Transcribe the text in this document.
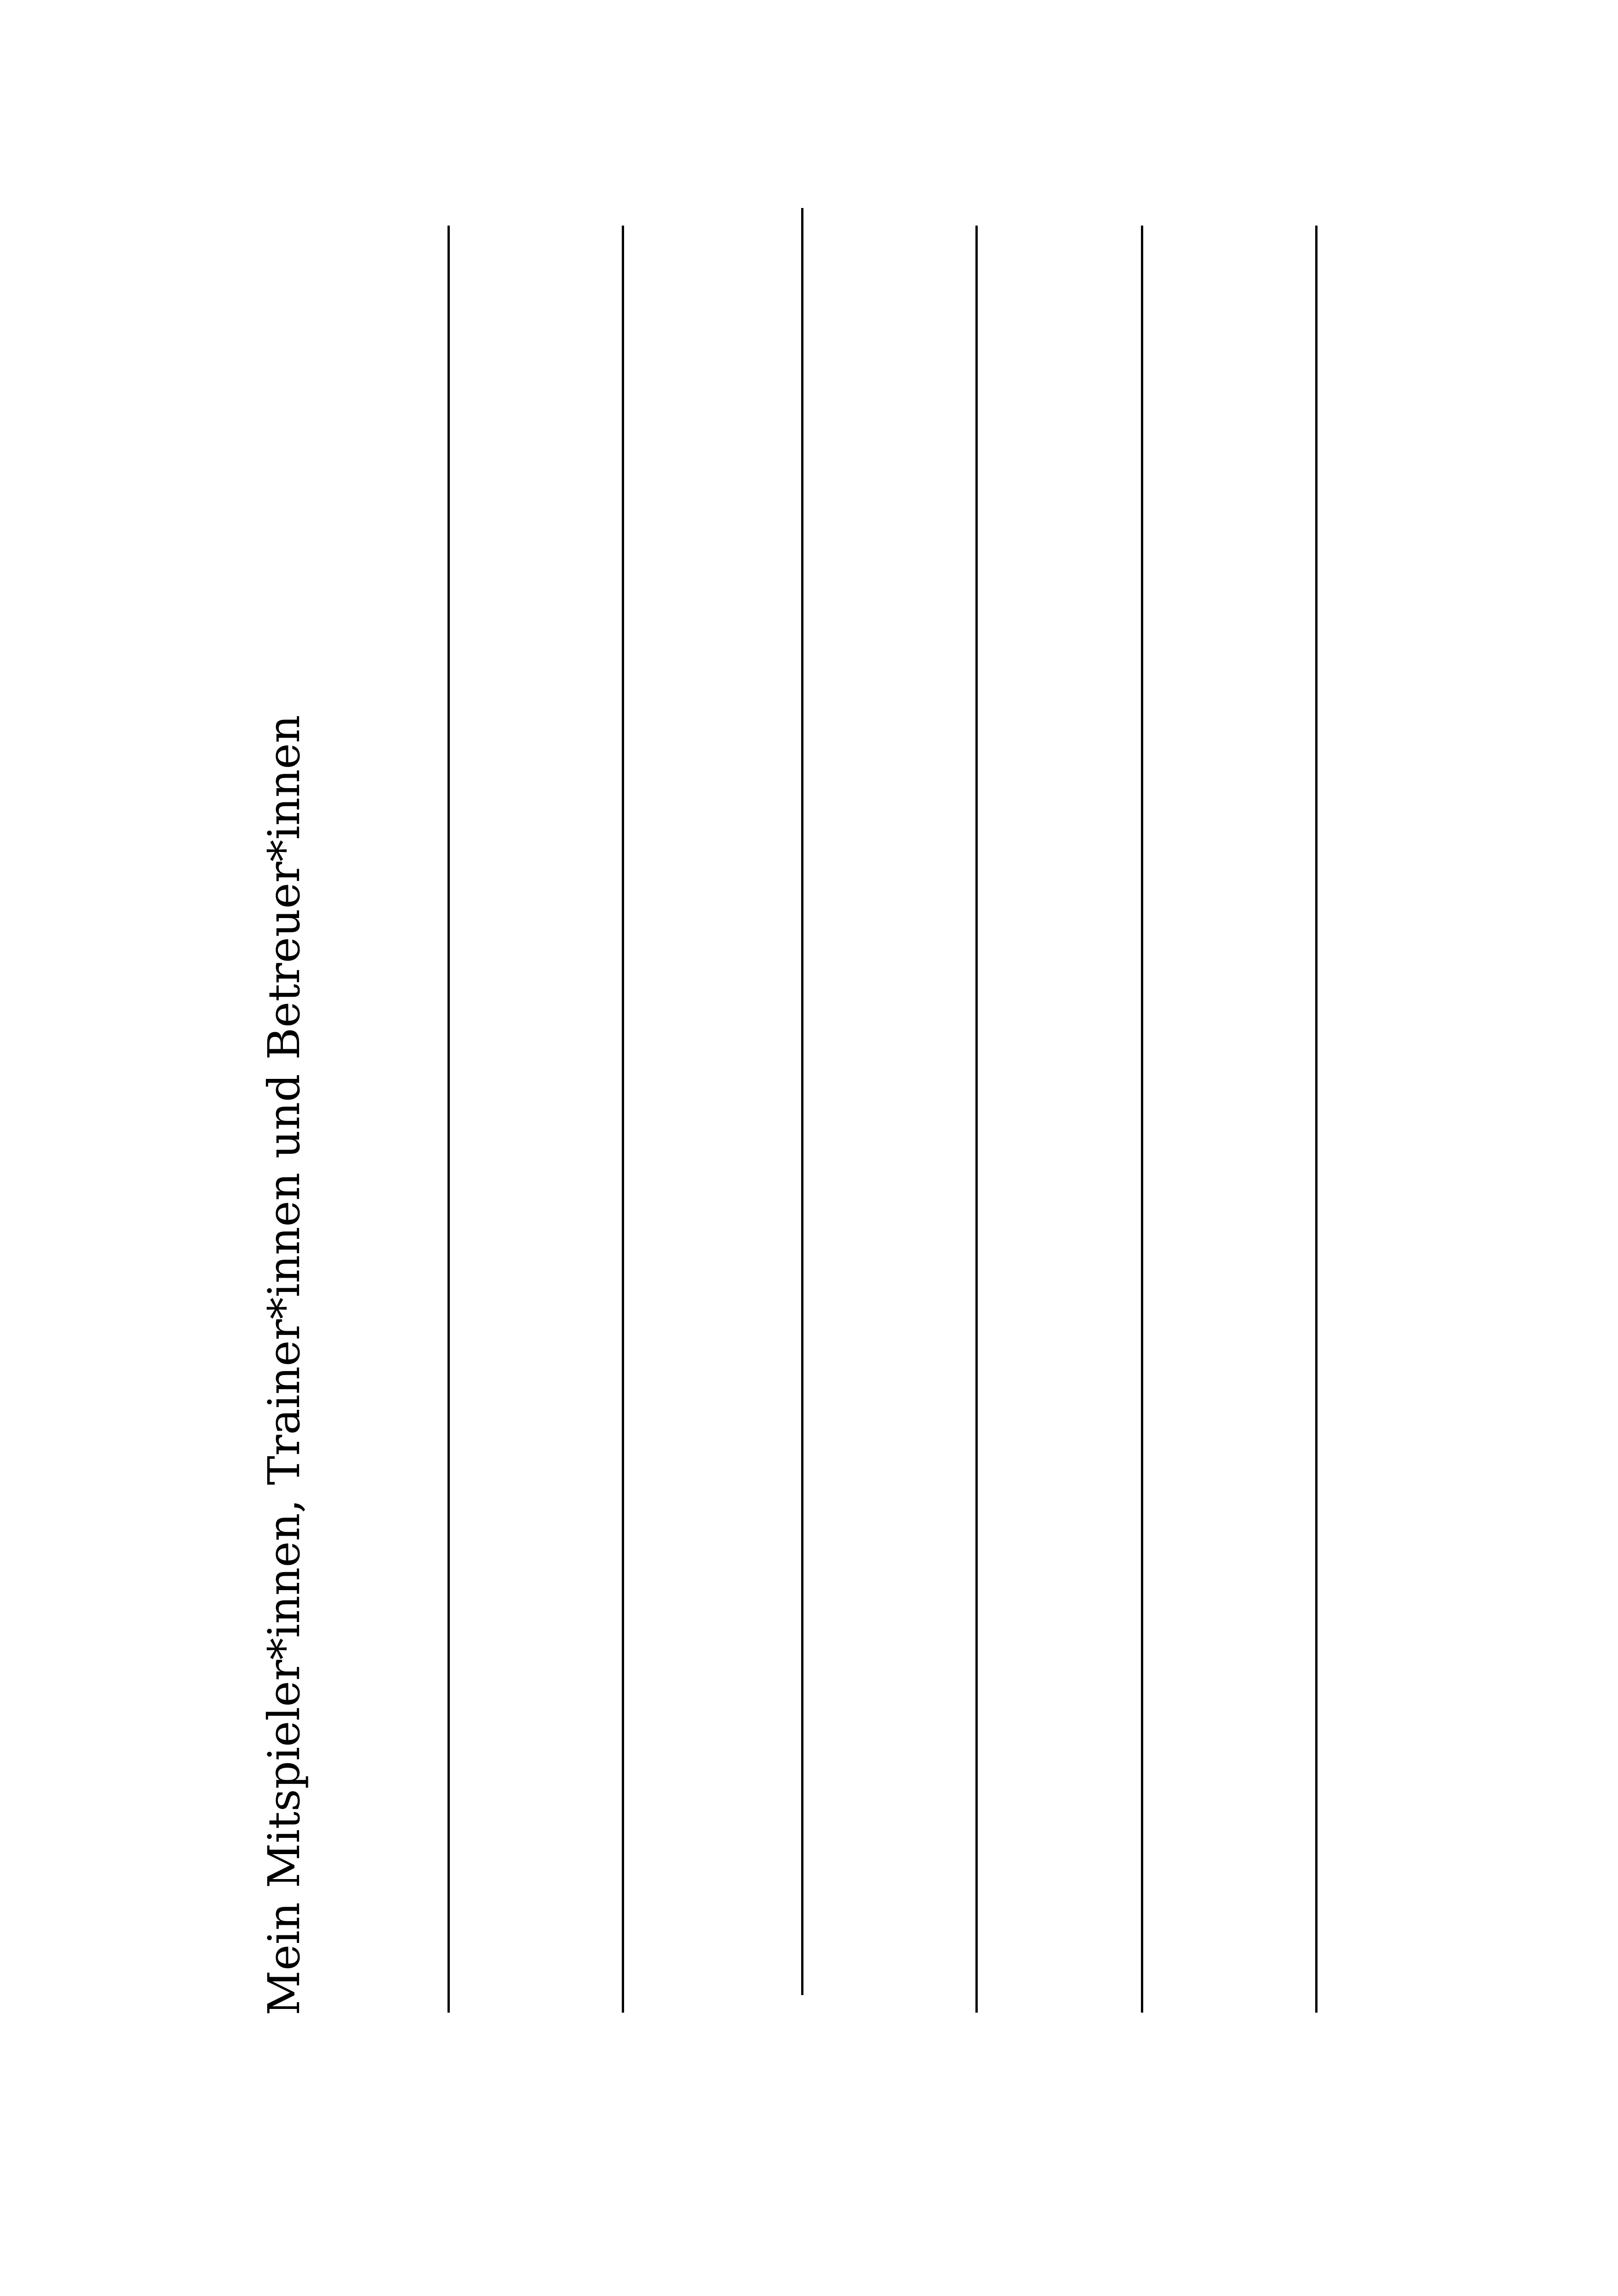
Mein Mitspieler*innen, Trainer*innen und Betreuer*innen
